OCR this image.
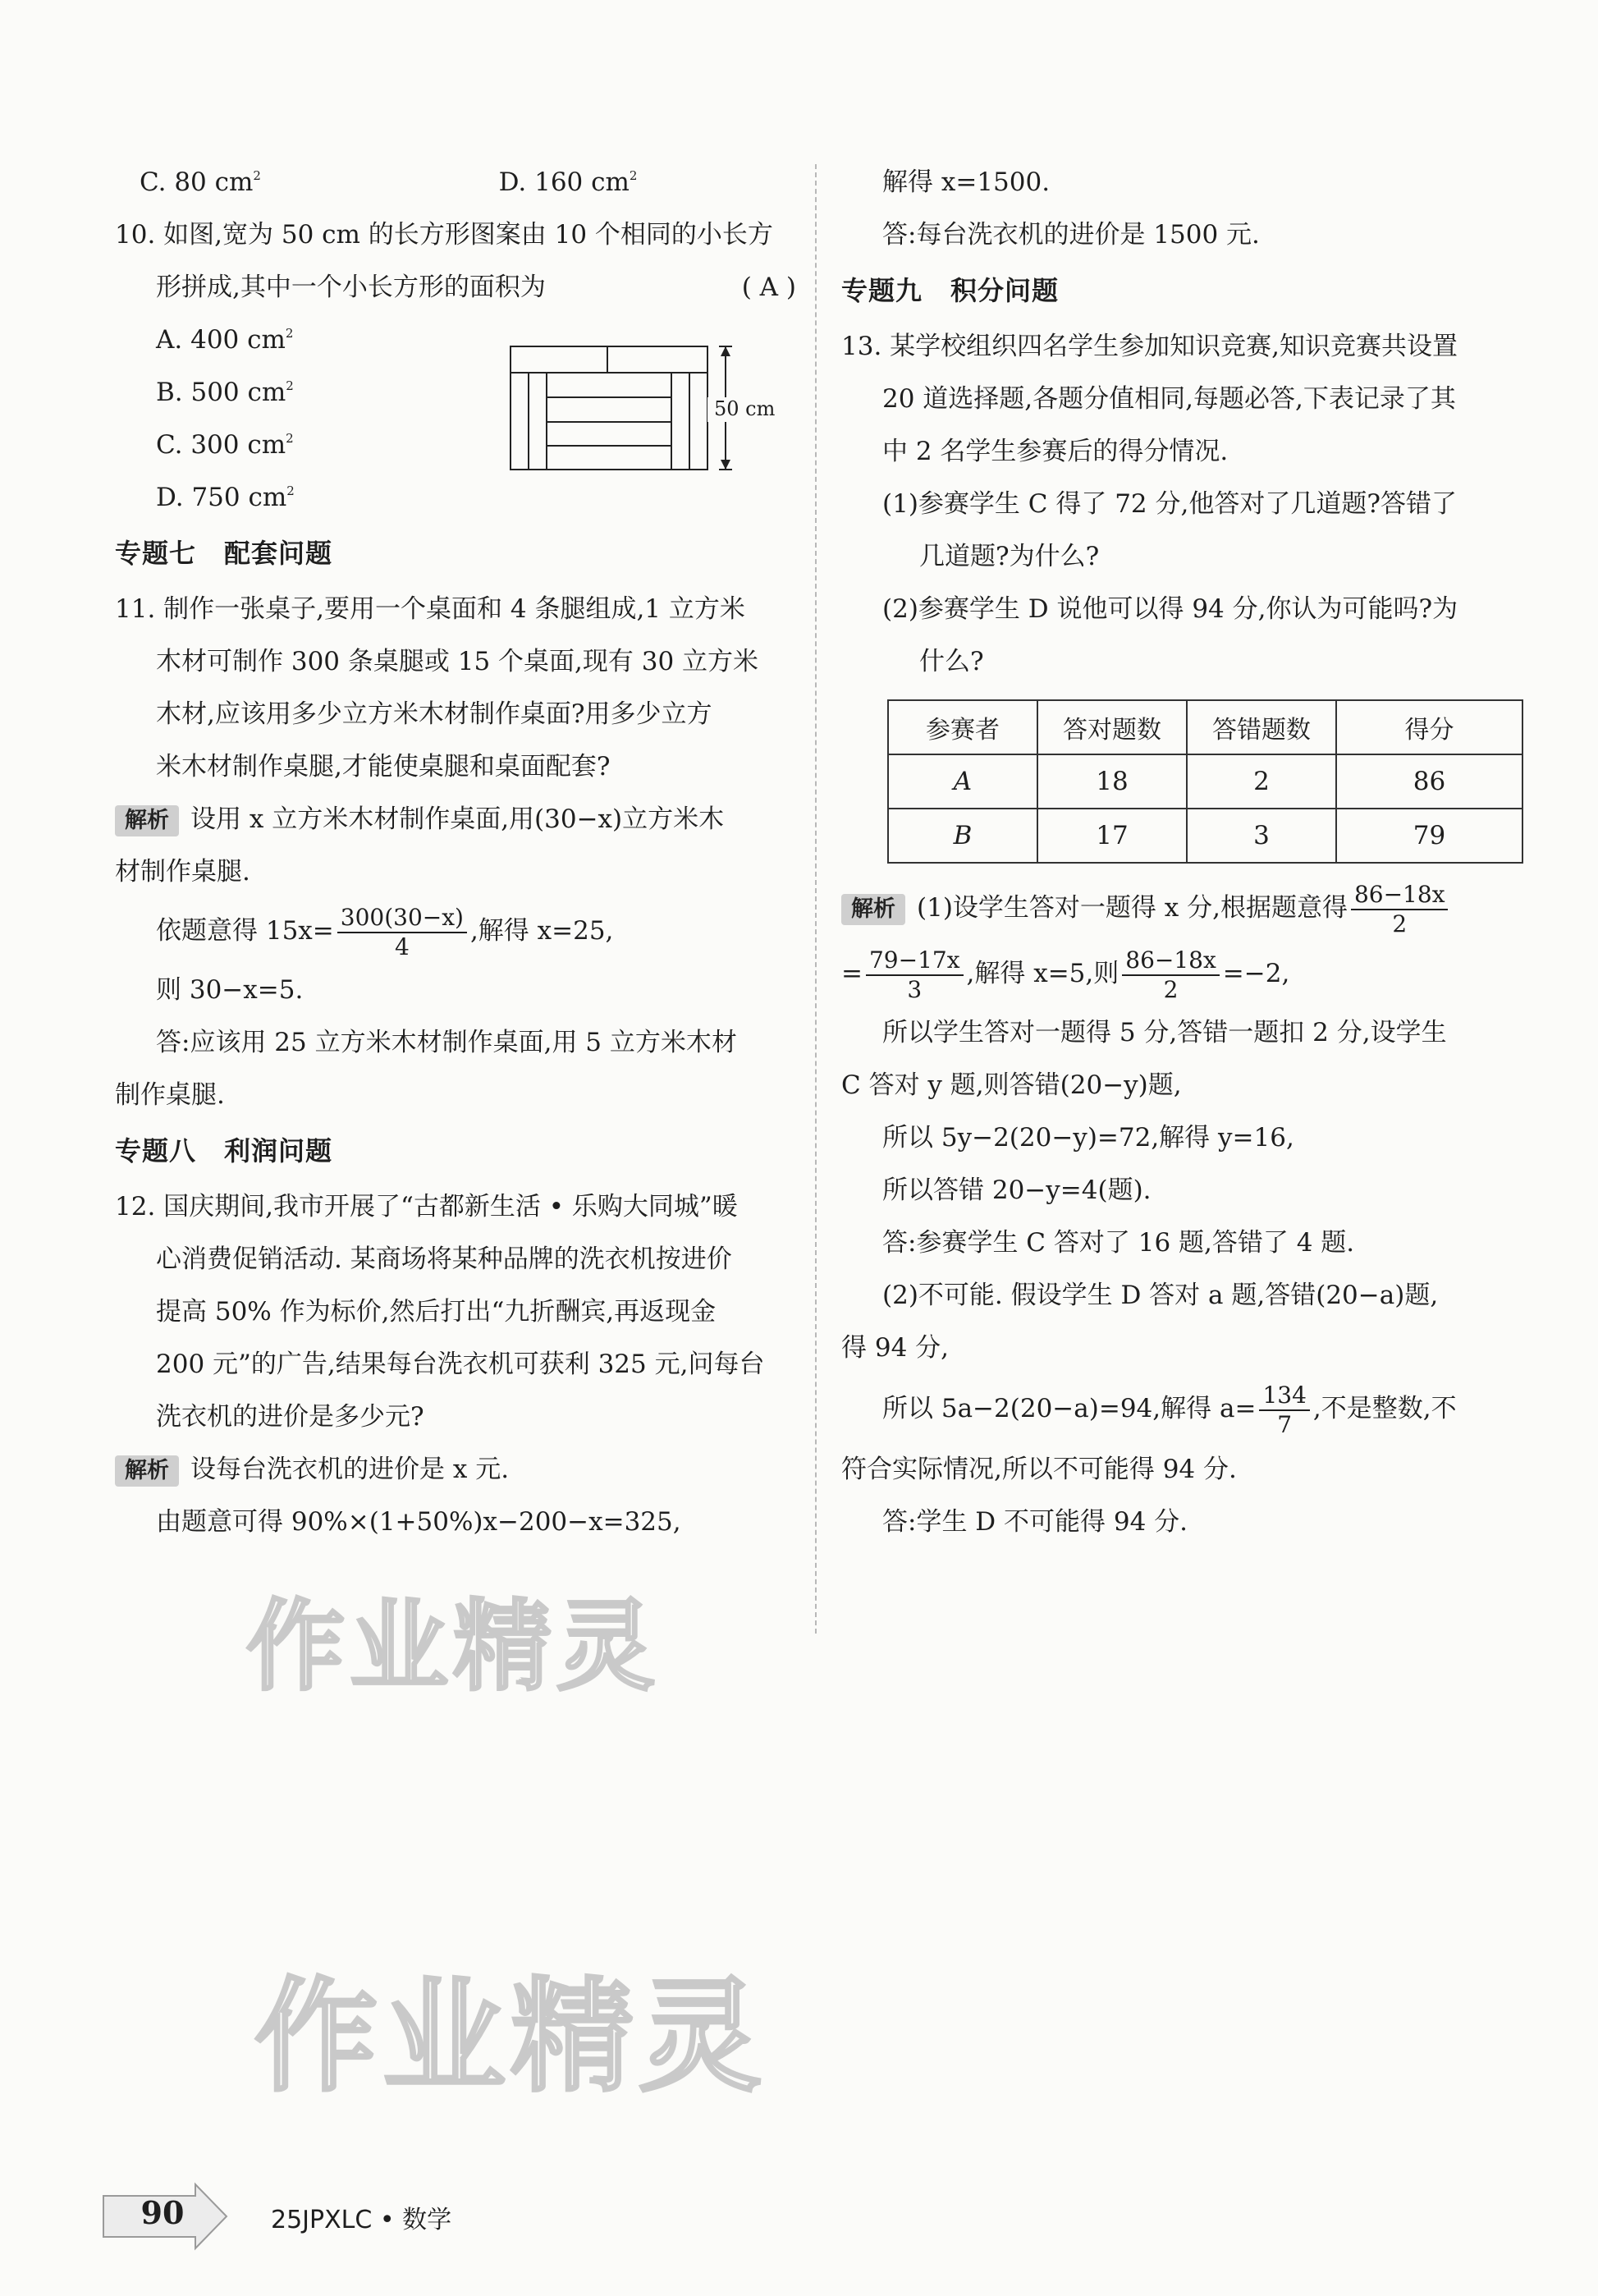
C. 80 $cm^2$	D. 160 $cm^2$
10. 如图,宽为 50 cm 的长方形图案由 10 个相同的小长方
形拼成,其中一个小长方形的面积为	( A )
A. 400 $cm^2$
B. 500 $cm^2$
C. 300 $cm^2$
D. 750 $cm^2$
50 cm
专题七 配套问题
11. 制作一张桌子,要用一个桌面和 4 条腿组成,1 立方米
木材可制作 300 条桌腿或 15 个桌面,现有 30 立方米
木材,应该用多少立方米木材制作桌面?用多少立方
米木材制作桌腿,才能使桌腿和桌面配套?
解析 设用 x 立方米木材制作桌面,用(30−x)立方米木
材制作桌腿.
依题意得 $15x= \frac{300(30-x)}{4}$ ,解得 x=25,
则 30−x=5.
答:应该用 25 立方米木材制作桌面,用 5 立方米木材
制作桌腿.
专题八 利润问题
12. 国庆期间,我市开展了“古都新生活 • 乐购大同城”暖
心消费促销活动. 某商场将某种品牌的洗衣机按进价
提高 50% 作为标价,然后打出“九折酬宾,再返现金
200 元”的广告,结果每台洗衣机可获利 325 元,问每台
洗衣机的进价是多少元?
解析 设每台洗衣机的进价是 x 元.
由题意可得 90%×(1+50%)x−200−x=325,
解得 x=1500.
答:每台洗衣机的进价是 1500 元.
专题九 积分问题
13. 某学校组织四名学生参加知识竞赛,知识竞赛共设置
20 道选择题,各题分值相同,每题必答,下表记录了其
中 2 名学生参赛后的得分情况.
(1)参赛学生 C 得了 72 分,他答对了几道题?答错了
几道题?为什么?
(2)参赛学生 D 说他可以得 94 分,你认为可能吗?为
什么?
参赛者	答对题数	答错题数	得分
A	18	2	86
B	17	3	79
解析 (1)设学生答对一题得 x 分,根据题意得 $\frac{86-18x}{2}$
= $\frac{79-17x}{3}$ ,解得 x=5,则 $\frac{86-18x}{2} =-2$,
所以学生答对一题得 5 分,答错一题扣 2 分,设学生
C 答对 y 题,则答错(20−y)题,
所以 5y−2(20−y)=72,解得 y=16,
所以答错 20−y=4(题).
答:参赛学生 C 答对了 16 题,答错了 4 题.
(2)不可能. 假设学生 D 答对 a 题,答错(20−a)题,
得 94 分,
所以 5a−2(20−a)=94,解得 $a= \frac{134}{7}$ ,不是整数,不
符合实际情况,所以不可能得 94 分.
答:学生 D 不可能得 94 分.
作业精灵
作业精灵
90	25JPXLC • 数学
